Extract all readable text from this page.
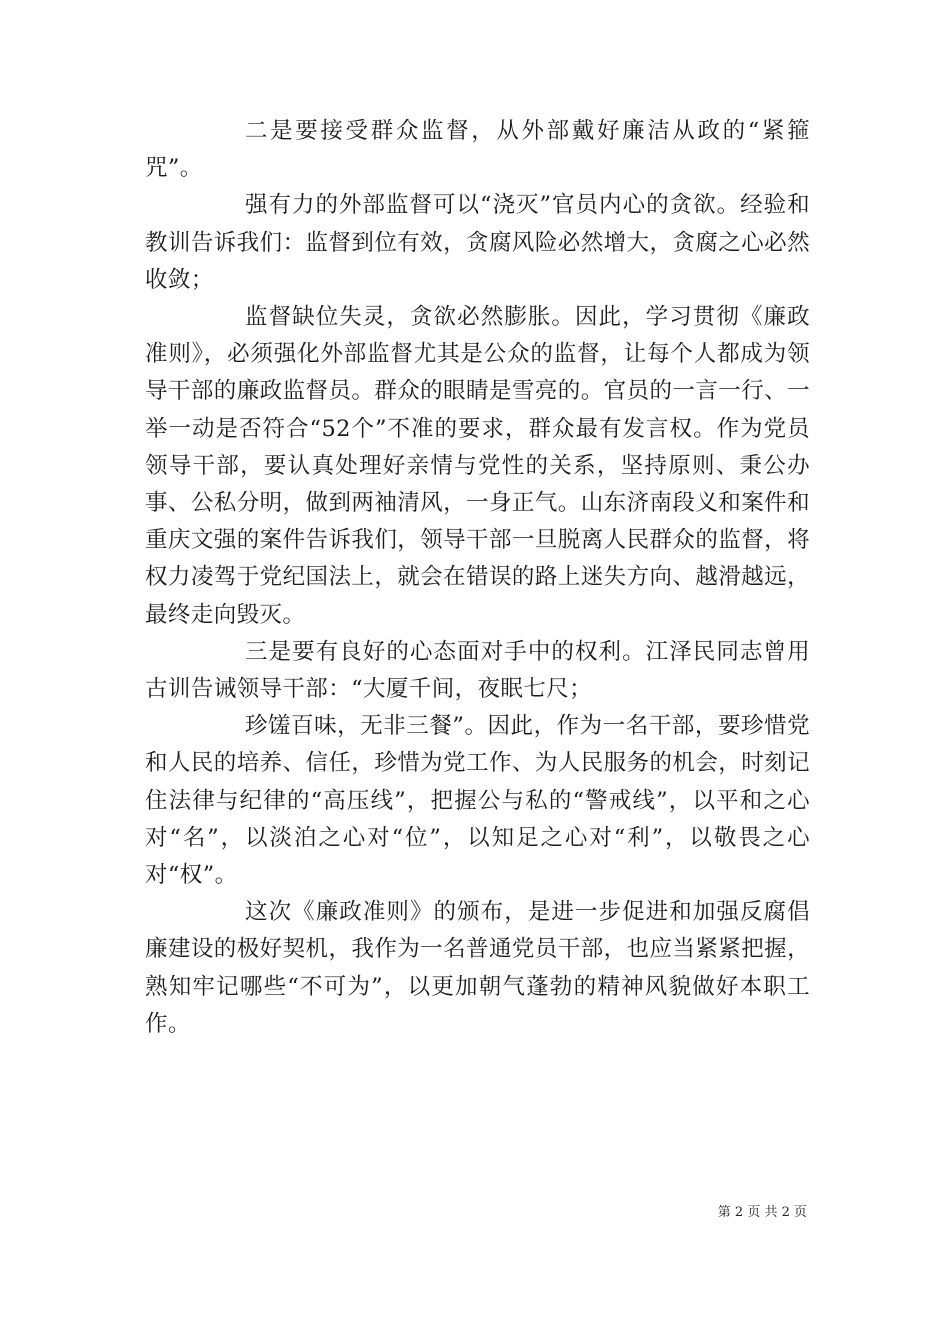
二是要接受群众监督，从外部戴好廉洁从政的“紧箍咒”。

强有力的外部监督可以“浇灭”官员内心的贪欲。经验和教训告诉我们：监督到位有效，贪腐风险必然增大，贪腐之心必然收敛；

监督缺位失灵，贪欲必然膨胀。因此，学习贯彻《廉政准则》，必须强化外部监督尤其是公众的监督，让每个人都成为领导干部的廉政监督员。群众的眼睛是雪亮的。官员的一言一行、一举一动是否符合“52个”不准的要求，群众最有发言权。作为党员领导干部，要认真处理好亲情与党性的关系，坚持原则、秉公办事、公私分明，做到两袖清风，一身正气。山东济南段义和案件和重庆文强的案件告诉我们，领导干部一旦脱离人民群众的监督，将权力凌驾于党纪国法上，就会在错误的路上迷失方向、越滑越远，最终走向毁灭。

三是要有良好的心态面对手中的权利。江泽民同志曾用古训告诫领导干部：“大厦千间，夜眠七尺；

珍馐百味，无非三餐”。因此，作为一名干部，要珍惜党和人民的培养、信任，珍惜为党工作、为人民服务的机会，时刻记住法律与纪律的“高压线”，把握公与私的“警戒线”，以平和之心对“名”，以淡泊之心对“位”，以知足之心对“利”，以敬畏之心对“权”。

这次《廉政准则》的颁布，是进一步促进和加强反腐倡廉建设的极好契机，我作为一名普通党员干部，也应当紧紧把握，熟知牢记哪些“不可为”，以更加朝气蓬勃的精神风貌做好本职工作。

第 2 页 共 2 页
